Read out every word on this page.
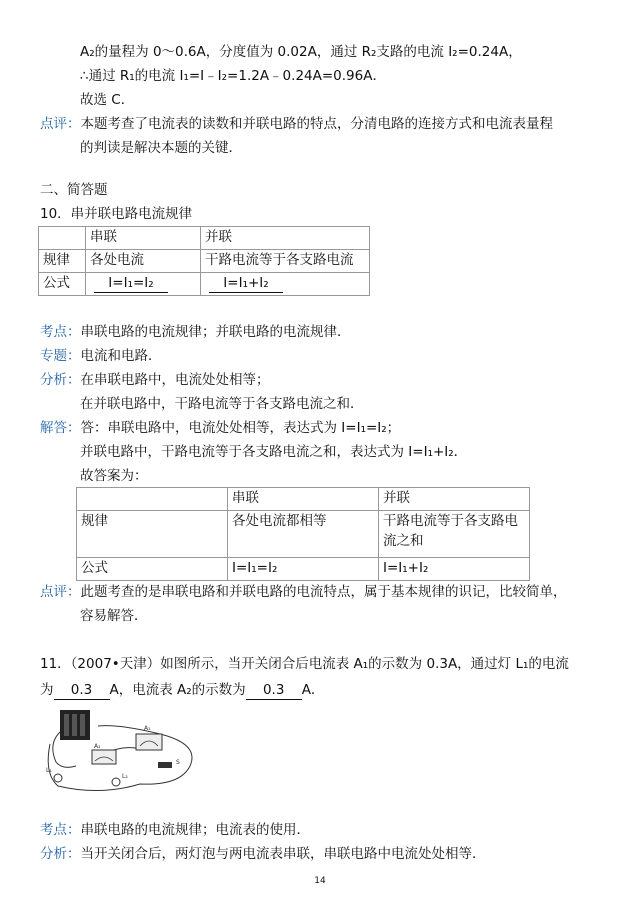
A₂的量程为 0～0.6A，分度值为 0.02A，通过 R₂支路的电流 I₂=0.24A，
∴通过 R₁的电流 I₁=I﹣I₂=1.2A﹣0.24A=0.96A．
故选 C．
点评：本题考查了电流表的读数和并联电路的特点，分清电路的连接方式和电流表量程
的判读是解决本题的关键．
二、简答题
10．串并联电路电流规律
	串联	并联
规律	各处电流	干路电流等于各支路电流
公式	I=I₁=I₂	I=I₁+I₂
考点：串联电路的电流规律；并联电路的电流规律．
专题：电流和电路．
分析：在串联电路中，电流处处相等；
在并联电路中，干路电流等于各支路电流之和．
解答：答：串联电路中，电流处处相等，表达式为 I=I₁=I₂；
并联电路中，干路电流等于各支路电流之和，表达式为 I=I₁+I₂．
故答案为：
	串联	并联
规律	各处电流都相等	干路电流等于各支路电流之和
公式	I=I₁=I₂	I=I₁+I₂
点评：此题考查的是串联电路和并联电路的电流特点，属于基本规律的识记，比较简单，
容易解答．
11．（2007•天津）如图所示，当开关闭合后电流表 A₁的示数为 0.3A，通过灯 L₁的电流
为 0.3 A，电流表 A₂的示数为 0.3 A．
A₁
A₂
L₁
L₂
S
考点：串联电路的电流规律；电流表的使用．
分析：当开关闭合后，两灯泡与两电流表串联，串联电路中电流处处相等．
14
